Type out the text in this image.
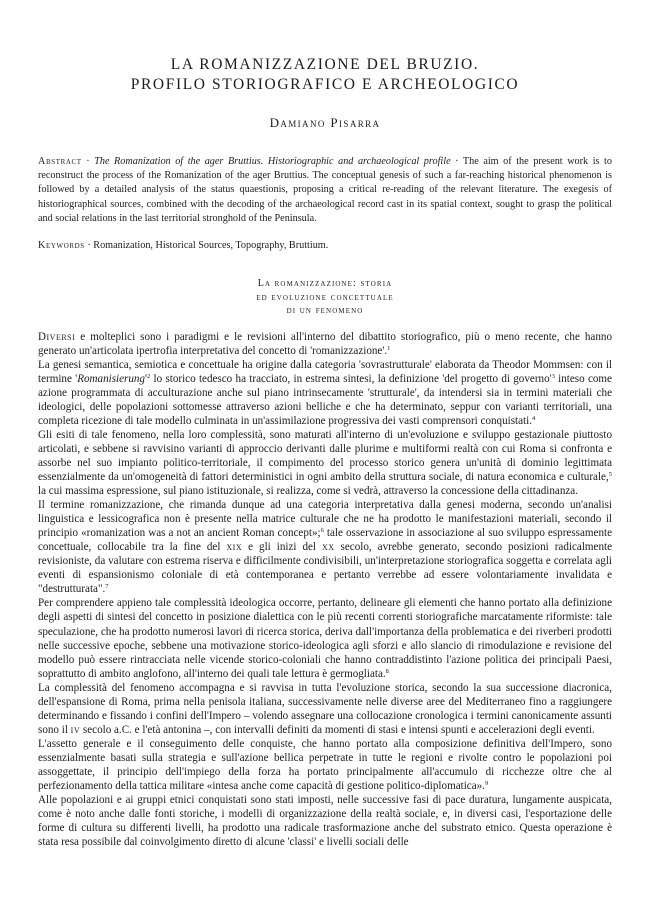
LA ROMANIZZAZIONE DEL BRUZIO.
PROFILO STORIOGRAFICO E ARCHEOLOGICO
Damiano Pisarra
Abstract · The Romanization of the ager Bruttius. Historiographic and archaeological profile · The aim of the present work is to reconstruct the process of the Romanization of the ager Bruttius. The conceptual genesis of such a far-reaching historical phenomenon is followed by a detailed analysis of the status quaestionis, proposing a critical re-reading of the relevant literature. The exegesis of historiographical sources, combined with the decoding of the archaeological record cast in its spatial context, sought to grasp the political and social relations in the last territorial stronghold of the Peninsula.
Keywords · Romanization, Historical Sources, Topography, Bruttium.
La romanizzazione: storia
ed evoluzione concettuale
di un fenomeno

Diversi e molteplici sono i paradigmi e le revisioni all'interno del dibattito storiografico, più o meno recente, che hanno generato un'articolata ipertrofia interpretativa del concetto di 'romanizzazione'.$^1$

La genesi semantica, semiotica e concettuale ha origine dalla categoria 'sovrastrutturale' elaborata da Theodor Mommsen: con il termine '$Romanisierung'^2$ lo storico tedesco ha tracciato, in estrema sintesi, la definizione 'del progetto di $governo'^3$ inteso come azione programmata di acculturazione anche sul piano intrinsecamente 'strutturale', da intendersi sia in termini materiali che ideologici, delle popolazioni sottomesse attraverso azioni belliche e che ha determinato, seppur con varianti territoriali, una completa ricezione di tale modello culminata in un'assimilazione progressiva dei vasti comprensori conquistati.$^4$

Gli esiti di tale fenomeno, nella loro complessità, sono maturati all'interno di un'evoluzione e sviluppo gestazionale piuttosto articolati, e sebbene si ravvisino varianti di approccio derivanti dalle plurime e multiformi realtà con cui Roma si confronta e assorbe nel suo impianto politico-territoriale, il compimento del processo storico genera un'unità di dominio legittimata essenzialmente da un'omogeneità di fattori deterministici in ogni ambito della struttura sociale, di natura economica e culturale,$^5$ la cui massima espressione, sul piano istituzionale, si realizza, come si vedrà, attraverso la concessione della cittadinanza.

Il termine romanizzazione, che rimanda dunque ad una categoria interpretativa dalla genesi moderna, secondo un'analisi linguistica e lessicografica non è presente nella matrice culturale che ne ha prodotto le manifestazioni materiali, secondo il principio «romanization was a not an ancient Roman concept»;$^6$ tale osservazione in associazione al suo sviluppo espressamente concettuale, collocabile tra la fine del xix e gli inizi del xx secolo, avrebbe generato, secondo posizioni radicalmente revisioniste, da valutare con estrema riserva e difficilmente condivisibili, un'interpretazione storiografica soggetta e correlata agli eventi di espansionismo coloniale di età contemporanea e pertanto verrebbe ad essere volontariamente invalidata e "destrutturata".$^7$

Per comprendere appieno tale complessità ideologica occorre, pertanto, delineare gli elementi che hanno portato alla definizione degli aspetti di sintesi del concetto in posizione dialettica con le più recenti correnti storiografiche marcatamente riformiste: tale speculazione, che ha prodotto numerosi lavori di ricerca storica, deriva dall'importanza della problematica e dei riverberi prodotti nelle successive epoche, sebbene una motivazione storico-ideologica agli sforzi e allo slancio di rimodulazione e revisione del modello può essere rintracciata nelle vicende storico-coloniali che hanno contraddistinto l'azione politica dei principali Paesi, soprattutto di ambito anglofono, all'interno dei quali tale lettura è germogliata.$^8$

La complessità del fenomeno accompagna e si ravvisa in tutta l'evoluzione storica, secondo la sua successione diacronica, dell'espansione di Roma, prima nella penisola italiana, successivamente nelle diverse aree del Mediterraneo fino a raggiungere determinando e fissando i confini dell'Impero – volendo assegnare una collocazione cronologica i termini canonicamente assunti sono il iv secolo a.C. e l'età antonina –, con intervalli definiti da momenti di stasi e intensi spunti e accelerazioni degli eventi.

L'assetto generale e il conseguimento delle conquiste, che hanno portato alla composizione definitiva dell'Impero, sono essenzialmente basati sulla strategia e sull'azione bellica perpetrate in tutte le regioni e rivolte contro le popolazioni poi assoggettate, il principio dell'impiego della forza ha portato principalmente all'accumulo di ricchezze oltre che al perfezionamento della tattica militare «intesa anche come capacità di gestione politico-diplomatica».$^9$

Alle popolazioni e ai gruppi etnici conquistati sono stati imposti, nelle successive fasi di pace duratura, lungamente auspicata, come è noto anche dalle fonti storiche, i modelli di organizzazione della realtà sociale, e, in diversi casi, l'esportazione delle forme di cultura su differenti livelli, ha prodotto una radicale trasformazione anche del substrato etnico. Questa operazione è stata resa possibile dal coinvolgimento diretto di alcune 'classi' e livelli sociali delle
